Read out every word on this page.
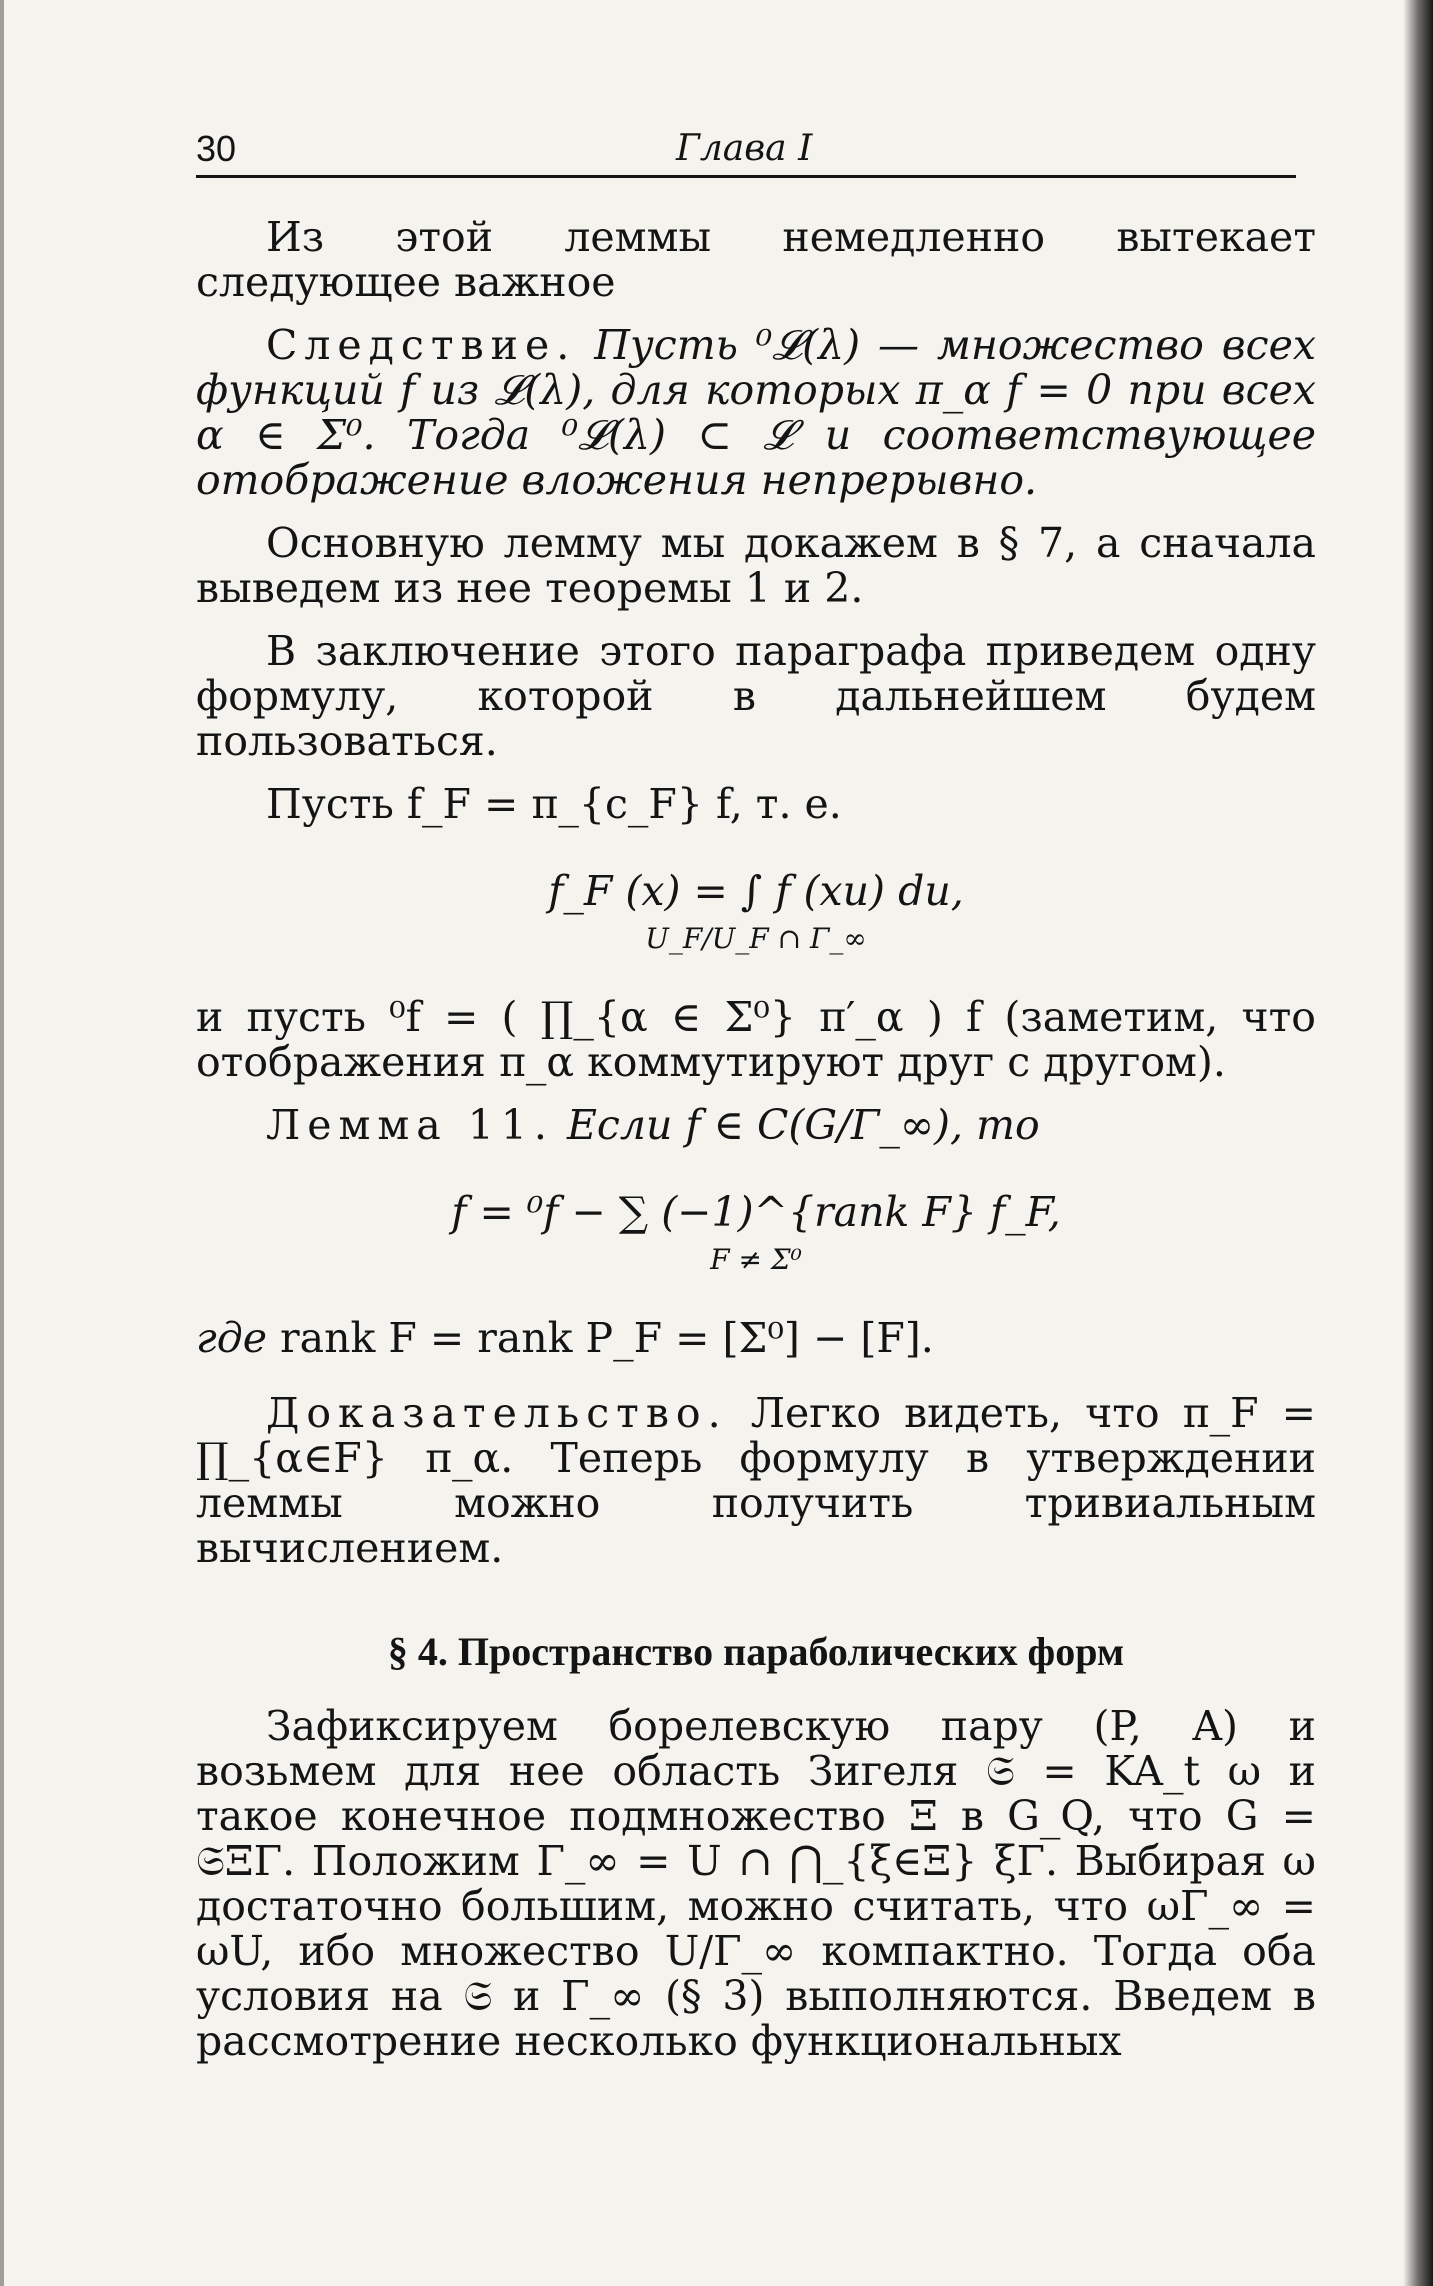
30	Глава I

Из этой леммы немедленно вытекает следующее важное

Следствие. Пусть ⁰𝓛(λ) — множество всех функций f из 𝓛(λ), для которых π_α f = 0 при всех α ∈ Σ⁰. Тогда ⁰𝓛(λ) ⊂ 𝓛 и соответствующее отображение вложения непрерывно.

Основную лемму мы докажем в § 7, а сначала выведем из нее теоремы 1 и 2.

В заключение этого параграфа приведем одну формулу, которой в дальнейшем будем пользоваться.

Пусть f_F = π_{c_F} f, т. е.

f_F (x) = ∫ f (xu) du,
U_F/U_F ∩ Γ_∞

и пусть ⁰f = ( ∏_{α ∈ Σ⁰} π′_α ) f (заметим, что отображения π_α коммутируют друг с другом).

Лемма 11. Если f ∈ C(G/Γ_∞), то

f = ⁰f − ∑ (−1)^{rank F} f_F,
F ≠ Σ⁰

где rank F = rank P_F = [Σ⁰] − [F].

Доказательство. Легко видеть, что π_F = ∏_{α∈F} π_α. Теперь формулу в утверждении леммы можно получить тривиальным вычислением.

§ 4. Пространство параболических форм

Зафиксируем борелевскую пару (P, A) и возьмем для нее область Зигеля 𝔖 = KA_t ω и такое конечное подмножество Ξ в G_Q, что G = 𝔖ΞΓ. Положим Γ_∞ = U ∩ ⋂_{ξ∈Ξ} ξΓ. Выбирая ω достаточно большим, можно считать, что ωΓ_∞ = ωU, ибо множество U/Γ_∞ компактно. Тогда оба условия на 𝔖 и Γ_∞ (§ 3) выполняются. Введем в рассмотрение несколько функциональных
